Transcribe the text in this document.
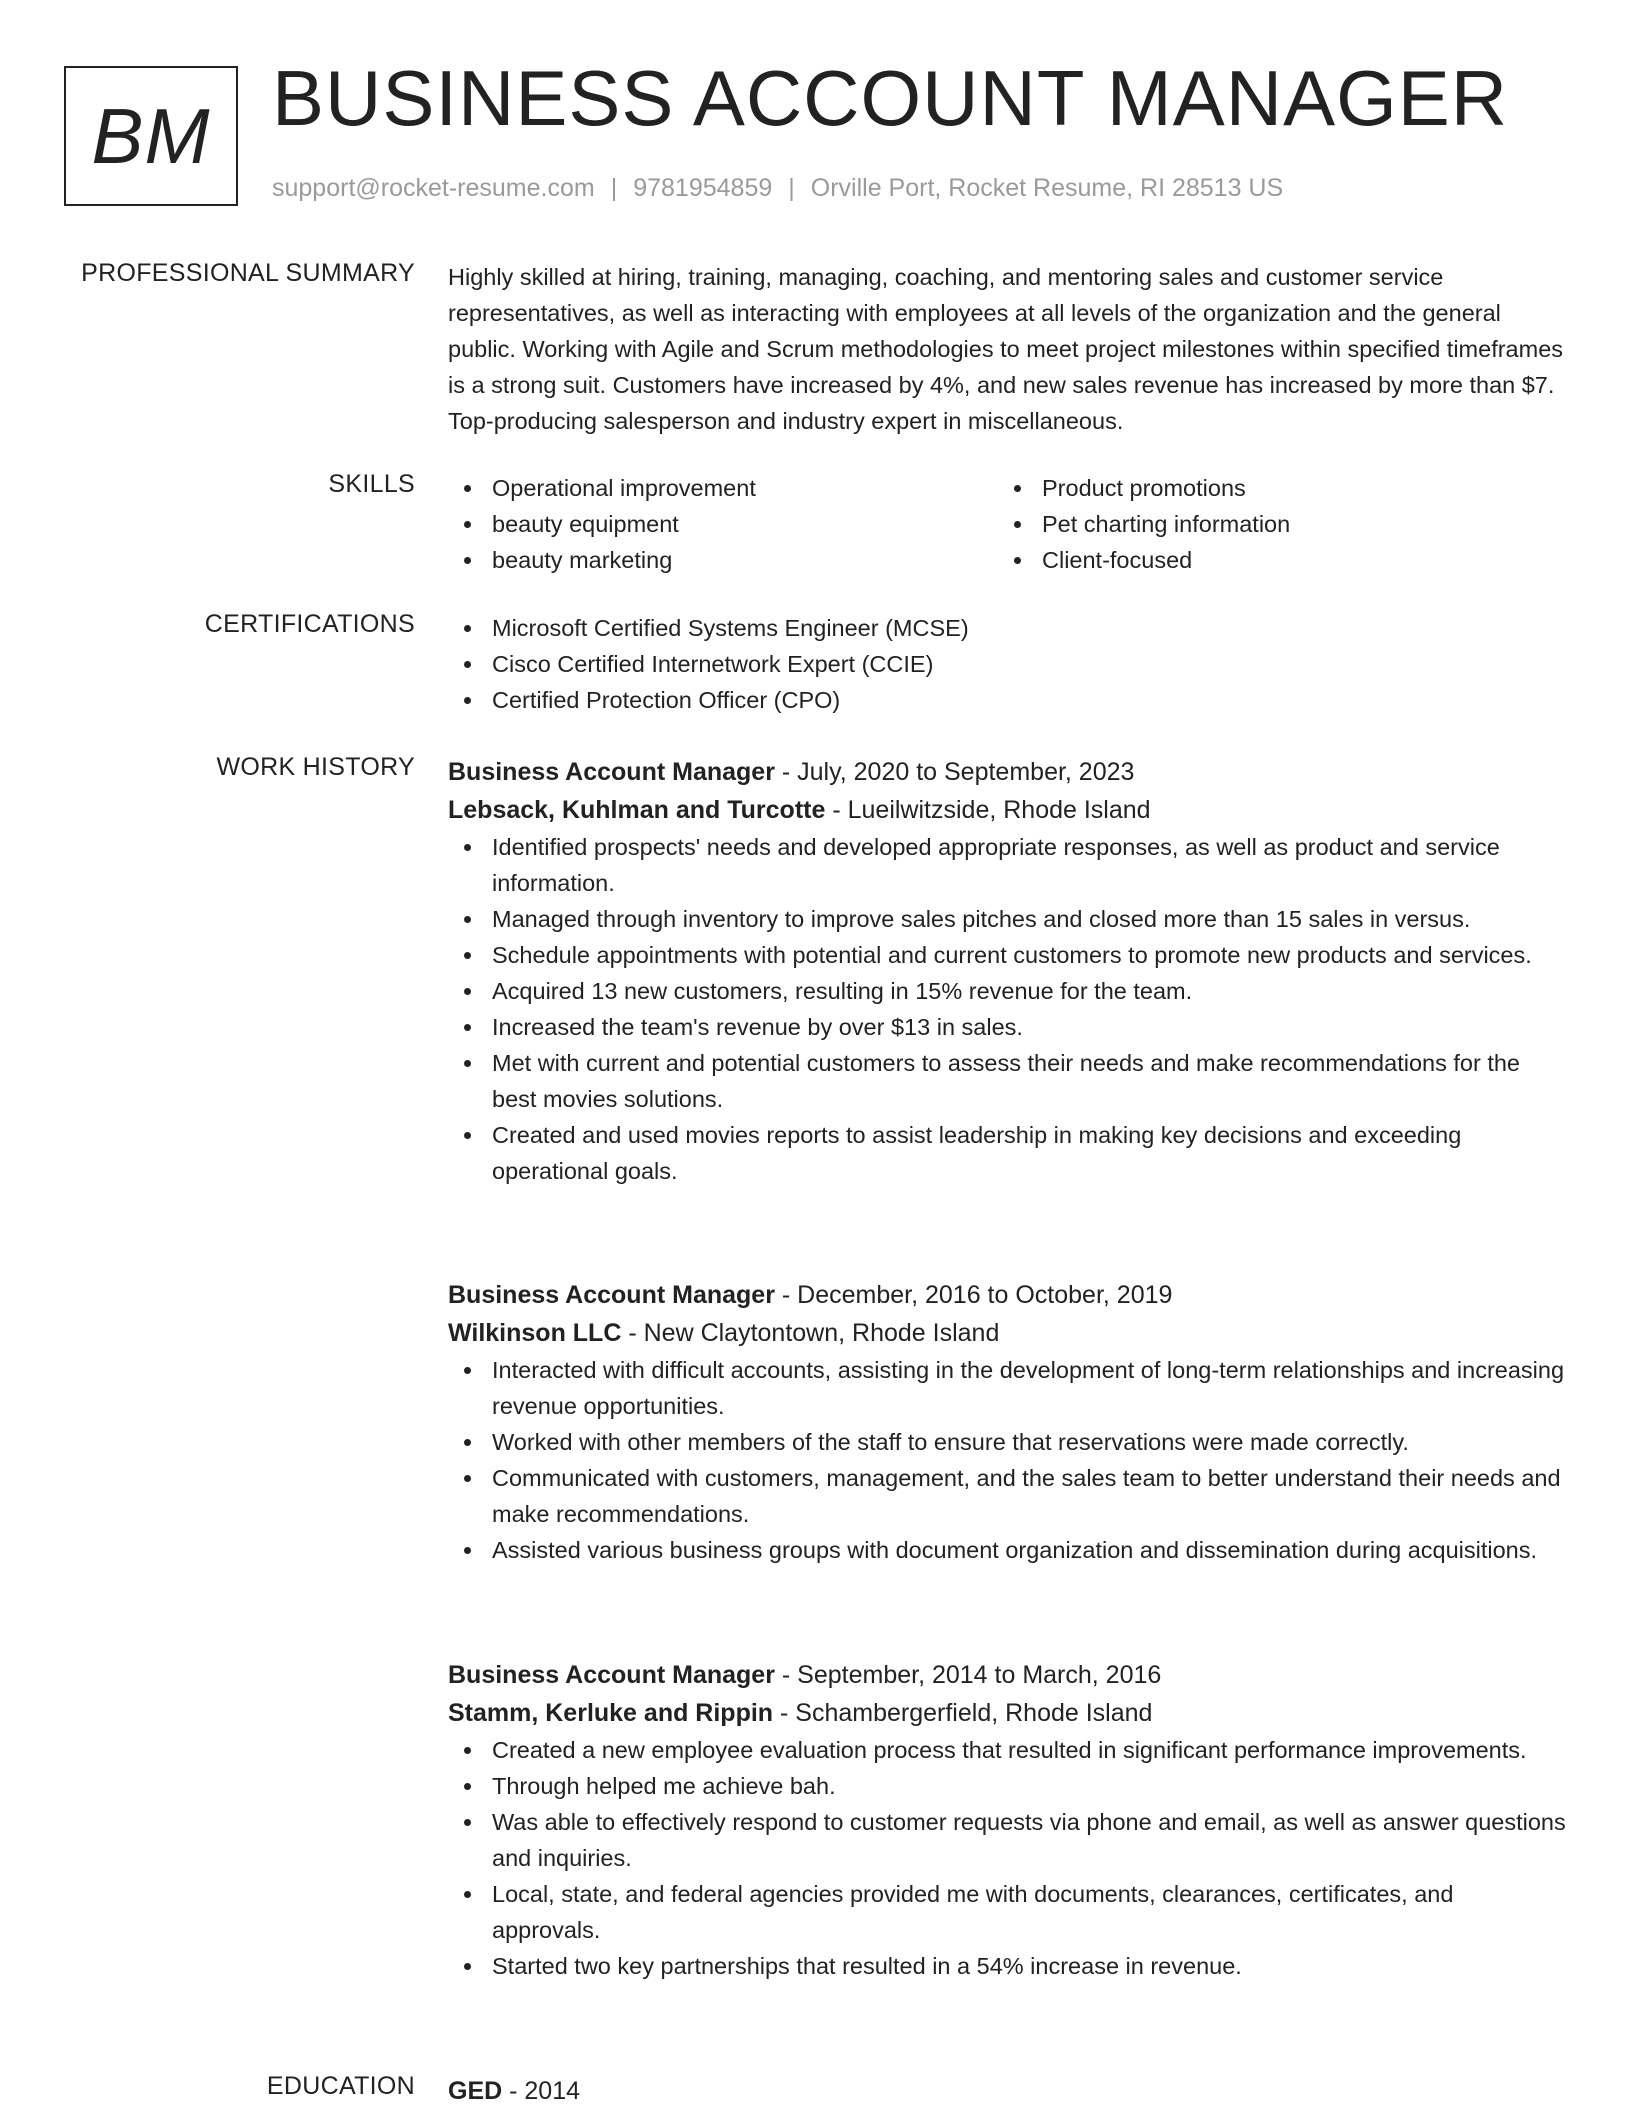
BM BUSINESS ACCOUNT MANAGER
support@rocket-resume.com | 9781954859 | Orville Port, Rocket Resume, RI 28513 US
PROFESSIONAL SUMMARY Highly skilled at hiring, training, managing, coaching, and mentoring sales and customer service representatives, as well as interacting with employees at all levels of the organization and the general public. Working with Agile and Scrum methodologies to meet project milestones within specified timeframes is a strong suit. Customers have increased by 4%, and new sales revenue has increased by more than $7. Top-producing salesperson and industry expert in miscellaneous.
SKILLS	Operational improvement
beauty equipment
beauty marketing
Product promotions
Pet charting information
Client-focused
CERTIFICATIONS	Microsoft Certified Systems Engineer (MCSE)
Cisco Certified Internetwork Expert (CCIE)
Certified Protection Officer (CPO)
WORK HISTORY Business Account Manager - July, 2020 to September, 2023
Lebsack, Kuhlman and Turcotte - Lueilwitzside, Rhode Island
Identified prospects' needs and developed appropriate responses, as well as product and service information.
Managed through inventory to improve sales pitches and closed more than 15 sales in versus.
Schedule appointments with potential and current customers to promote new products and services.
Acquired 13 new customers, resulting in 15% revenue for the team.
Increased the team's revenue by over $13 in sales.
Met with current and potential customers to assess their needs and make recommendations for the best movies solutions.
Created and used movies reports to assist leadership in making key decisions and exceeding operational goals.
Business Account Manager - December, 2016 to October, 2019
Wilkinson LLC - New Claytontown, Rhode Island
Interacted with difficult accounts, assisting in the development of long-term relationships and increasing revenue opportunities.
Worked with other members of the staff to ensure that reservations were made correctly.
Communicated with customers, management, and the sales team to better understand their needs and make recommendations.
Assisted various business groups with document organization and dissemination during acquisitions.
Business Account Manager - September, 2014 to March, 2016
Stamm, Kerluke and Rippin - Schambergerfield, Rhode Island
Created a new employee evaluation process that resulted in significant performance improvements.
Through helped me achieve bah.
Was able to effectively respond to customer requests via phone and email, as well as answer questions and inquiries.
Local, state, and federal agencies provided me with documents, clearances, certificates, and approvals.
Started two key partnerships that resulted in a 54% increase in revenue.
EDUCATION GED - 2014
